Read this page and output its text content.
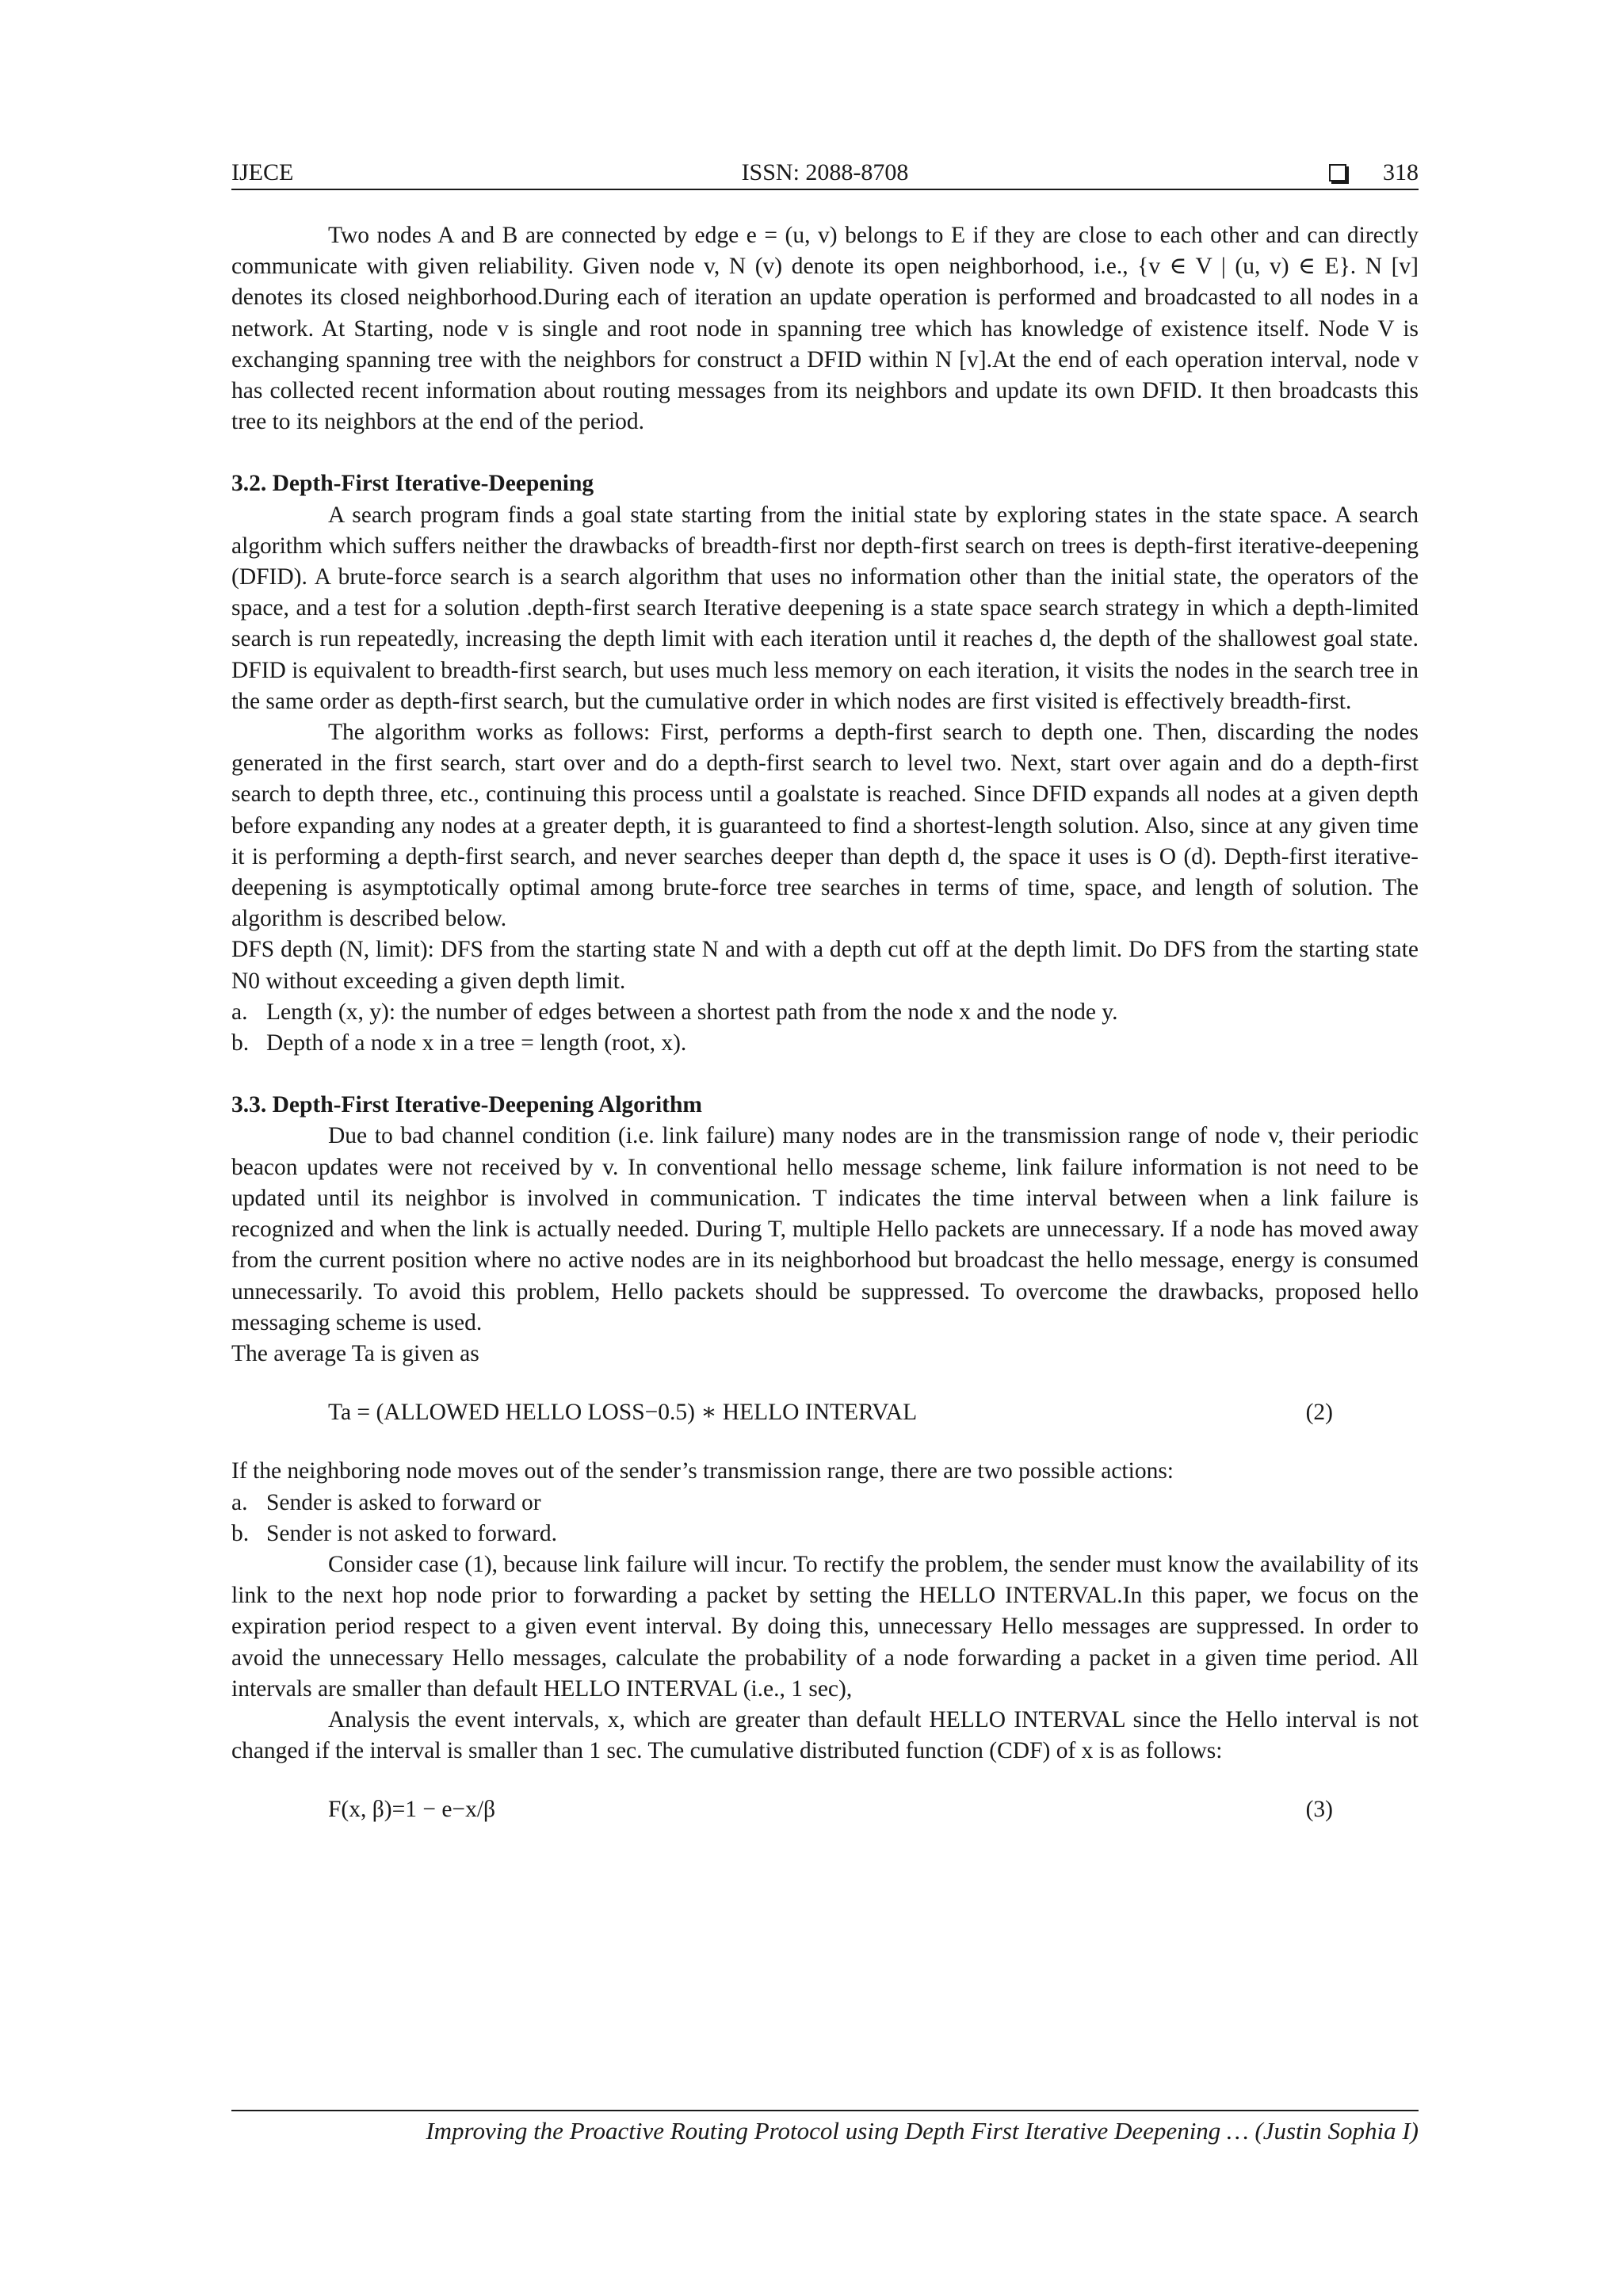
IJECE	ISSN: 2088-8708	318

Two nodes A and B are connected by edge e = (u, v) belongs to E if they are close to each other and can directly communicate with given reliability. Given node v, N (v) denote its open neighborhood, i.e., {v ∈ V | (u, v) ∈ E}. N [v] denotes its closed neighborhood.During each of iteration an update operation is performed and broadcasted to all nodes in a network. At Starting, node v is single and root node in spanning tree which has knowledge of existence itself. Node V is exchanging spanning tree with the neighbors for construct a DFID within N [v].At the end of each operation interval, node v has collected recent information about routing messages from its neighbors and update its own DFID. It then broadcasts this tree to its neighbors at the end of the period.

3.2. Depth-First Iterative-Deepening

A search program finds a goal state starting from the initial state by exploring states in the state space. A search algorithm which suffers neither the drawbacks of breadth-first nor depth-first search on trees is depth-first iterative-deepening (DFID). A brute-force search is a search algorithm that uses no information other than the initial state, the operators of the space, and a test for a solution .depth-first search Iterative deepening is a state space search strategy in which a depth-limited search is run repeatedly, increasing the depth limit with each iteration until it reaches d, the depth of the shallowest goal state. DFID is equivalent to breadth-first search, but uses much less memory on each iteration, it visits the nodes in the search tree in the same order as depth-first search, but the cumulative order in which nodes are first visited is effectively breadth-first.

The algorithm works as follows: First, performs a depth-first search to depth one. Then, discarding the nodes generated in the first search, start over and do a depth-first search to level two. Next, start over again and do a depth-first search to depth three, etc., continuing this process until a goalstate is reached. Since DFID expands all nodes at a given depth before expanding any nodes at a greater depth, it is guaranteed to find a shortest-length solution. Also, since at any given time it is performing a depth-first search, and never searches deeper than depth d, the space it uses is O (d). Depth-first iterative-deepening is asymptotically optimal among brute-force tree searches in terms of time, space, and length of solution. The algorithm is described below.

DFS depth (N, limit): DFS from the starting state N and with a depth cut off at the depth limit. Do DFS from the starting state N0 without exceeding a given depth limit.

a. Length (x, y): the number of edges between a shortest path from the node x and the node y.
b. Depth of a node x in a tree = length (root, x).
3.3. Depth-First Iterative-Deepening Algorithm

Due to bad channel condition (i.e. link failure) many nodes are in the transmission range of node v, their periodic beacon updates were not received by v. In conventional hello message scheme, link failure information is not need to be updated until its neighbor is involved in communication. T indicates the time interval between when a link failure is recognized and when the link is actually needed. During T, multiple Hello packets are unnecessary. If a node has moved away from the current position where no active nodes are in its neighborhood but broadcast the hello message, energy is consumed unnecessarily. To avoid this problem, Hello packets should be suppressed. To overcome the drawbacks, proposed hello messaging scheme is used.

The average Ta is given as

Ta = (ALLOWED HELLO LOSS−0.5) ∗ HELLO INTERVAL	(2)

If the neighboring node moves out of the sender’s transmission range, there are two possible actions:

a. Sender is asked to forward or
b. Sender is not asked to forward.

Consider case (1), because link failure will incur. To rectify the problem, the sender must know the availability of its link to the next hop node prior to forwarding a packet by setting the HELLO INTERVAL.In this paper, we focus on the expiration period respect to a given event interval. By doing this, unnecessary Hello messages are suppressed. In order to avoid the unnecessary Hello messages, calculate the probability of a node forwarding a packet in a given time period. All intervals are smaller than default HELLO INTERVAL (i.e., 1 sec),

Analysis the event intervals, x, which are greater than default HELLO INTERVAL since the Hello interval is not changed if the interval is smaller than 1 sec. The cumulative distributed function (CDF) of x is as follows:

F(x, β)=1 − e−x/β	(3)
Improving the Proactive Routing Protocol using Depth First Iterative Deepening … (Justin Sophia I)
